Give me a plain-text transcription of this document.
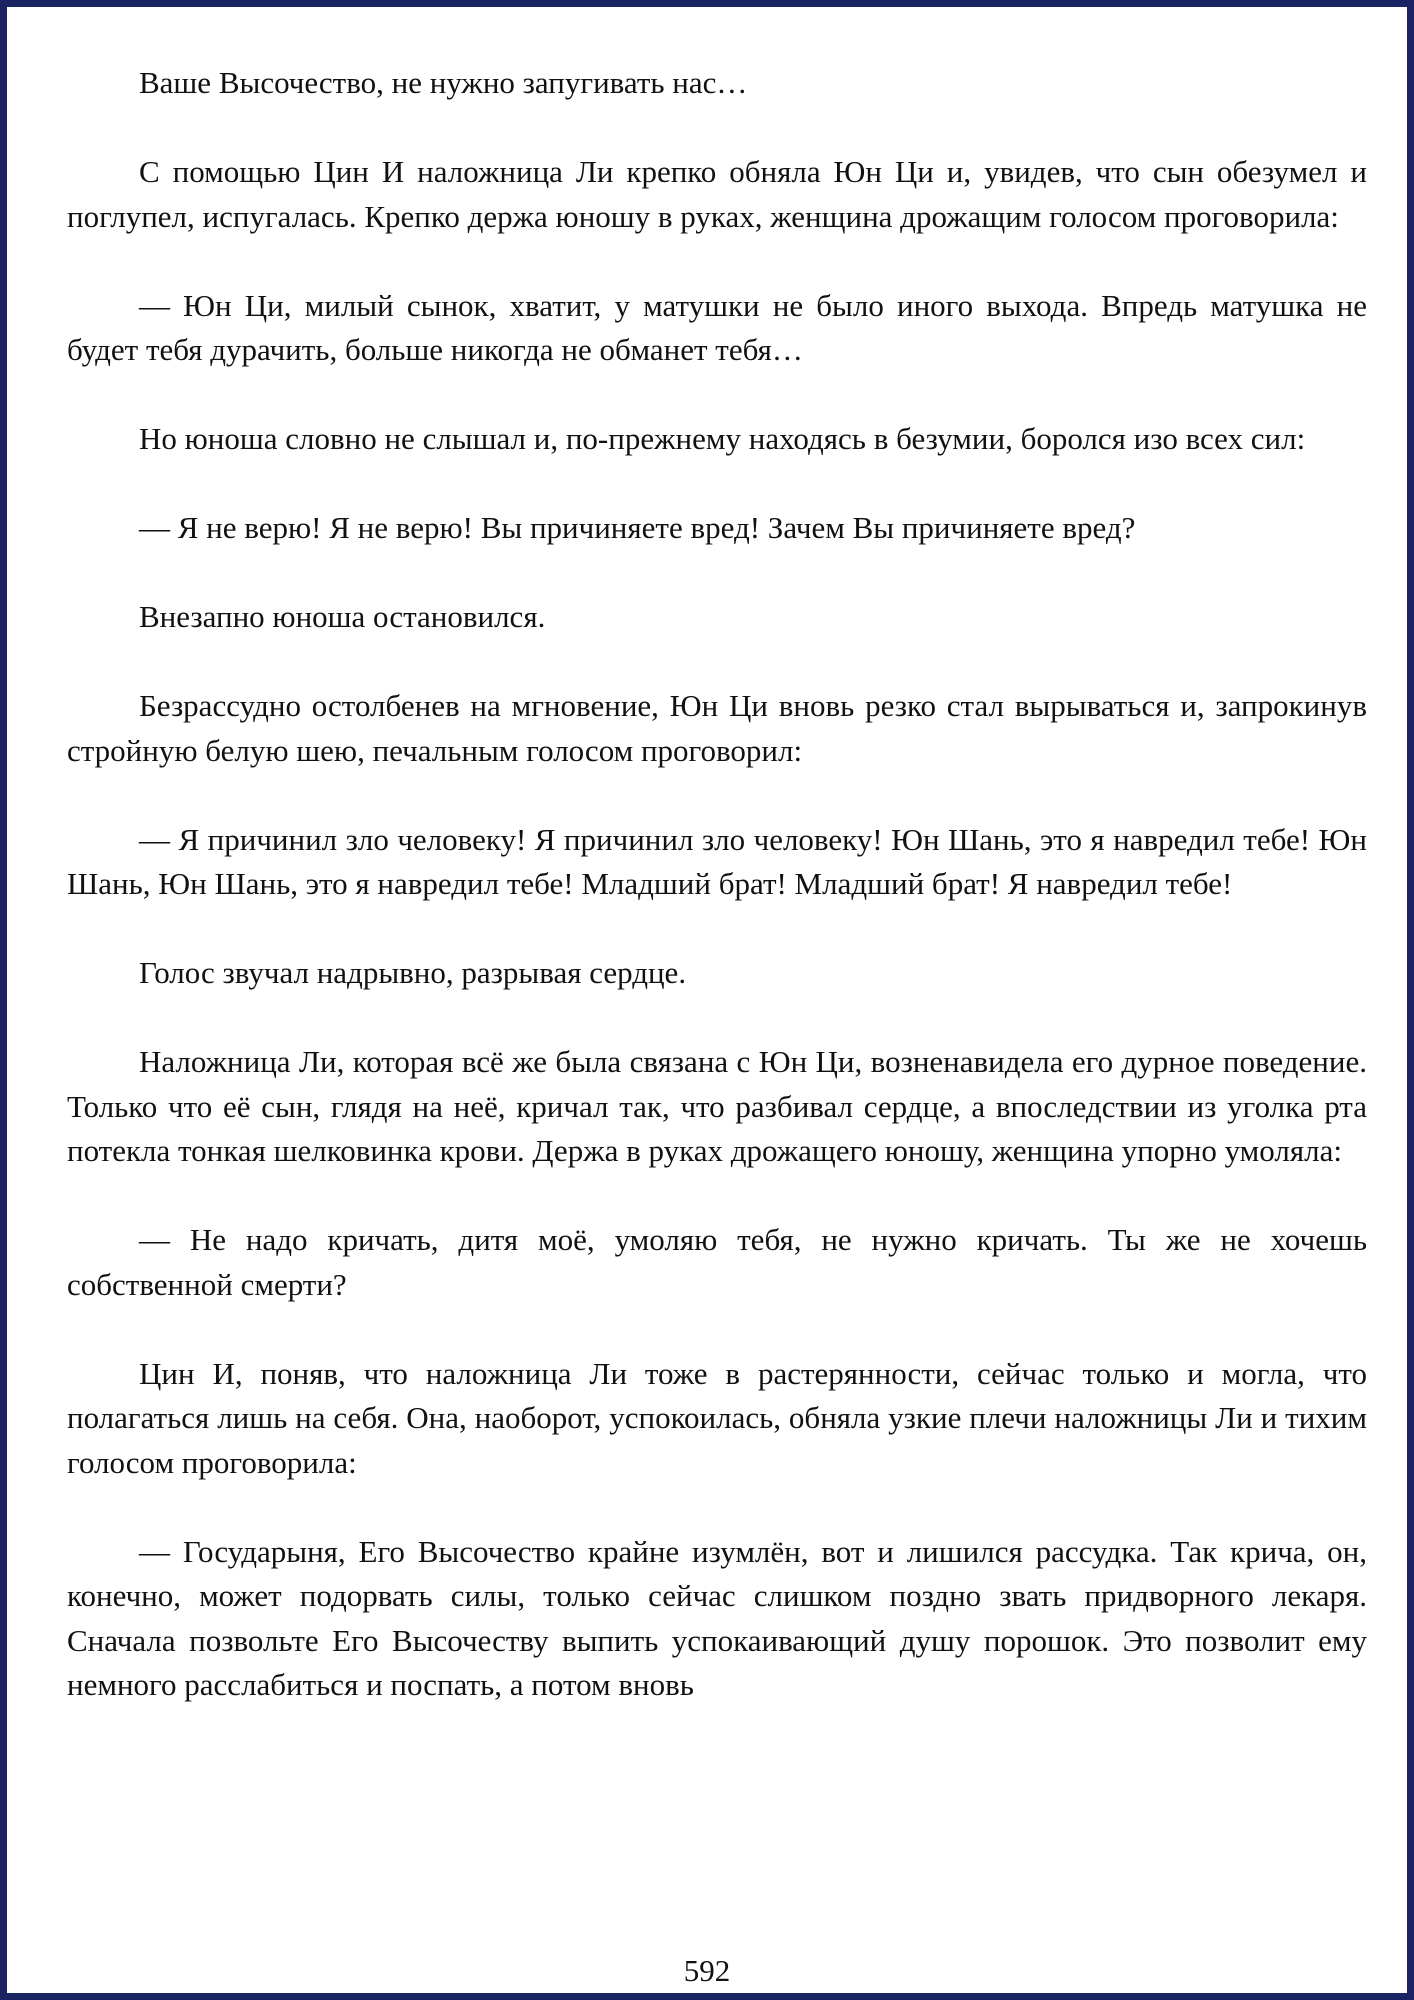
Ваше Высочество, не нужно запугивать нас…

С помощью Цин И наложница Ли крепко обняла Юн Ци и, увидев, что сын обезумел и поглупел, испугалась. Крепко держа юношу в руках, женщина дрожащим голосом проговорила:

— Юн Ци, милый сынок, хватит, у матушки не было иного выхода. Впредь матушка не будет тебя дурачить, больше никогда не обманет тебя…

Но юноша словно не слышал и, по-прежнему находясь в безумии, боролся изо всех сил:

— Я не верю! Я не верю! Вы причиняете вред! Зачем Вы причиняете вред?

Внезапно юноша остановился.

Безрассудно остолбенев на мгновение, Юн Ци вновь резко стал вырываться и, запрокинув стройную белую шею, печальным голосом проговорил:

— Я причинил зло человеку! Я причинил зло человеку! Юн Шань, это я навредил тебе! Юн Шань, Юн Шань, это я навредил тебе! Младший брат! Младший брат! Я навредил тебе!

Голос звучал надрывно, разрывая сердце.

Наложница Ли, которая всё же была связана с Юн Ци, возненавидела его дурное поведение. Только что её сын, глядя на неё, кричал так, что разбивал сердце, а впоследствии из уголка рта потекла тонкая шелковинка крови. Держа в руках дрожащего юношу, женщина упорно умоляла:

— Не надо кричать, дитя моё, умоляю тебя, не нужно кричать. Ты же не хочешь собственной смерти?

Цин И, поняв, что наложница Ли тоже в растерянности, сейчас только и могла, что полагаться лишь на себя. Она, наоборот, успокоилась, обняла узкие плечи наложницы Ли и тихим голосом проговорила:

— Государыня, Его Высочество крайне изумлён, вот и лишился рассудка. Так крича, он, конечно, может подорвать силы, только сейчас слишком поздно звать придворного лекаря. Сначала позвольте Его Высочеству выпить успокаивающий душу порошок. Это позволит ему немного расслабиться и поспать, а потом вновь

592
